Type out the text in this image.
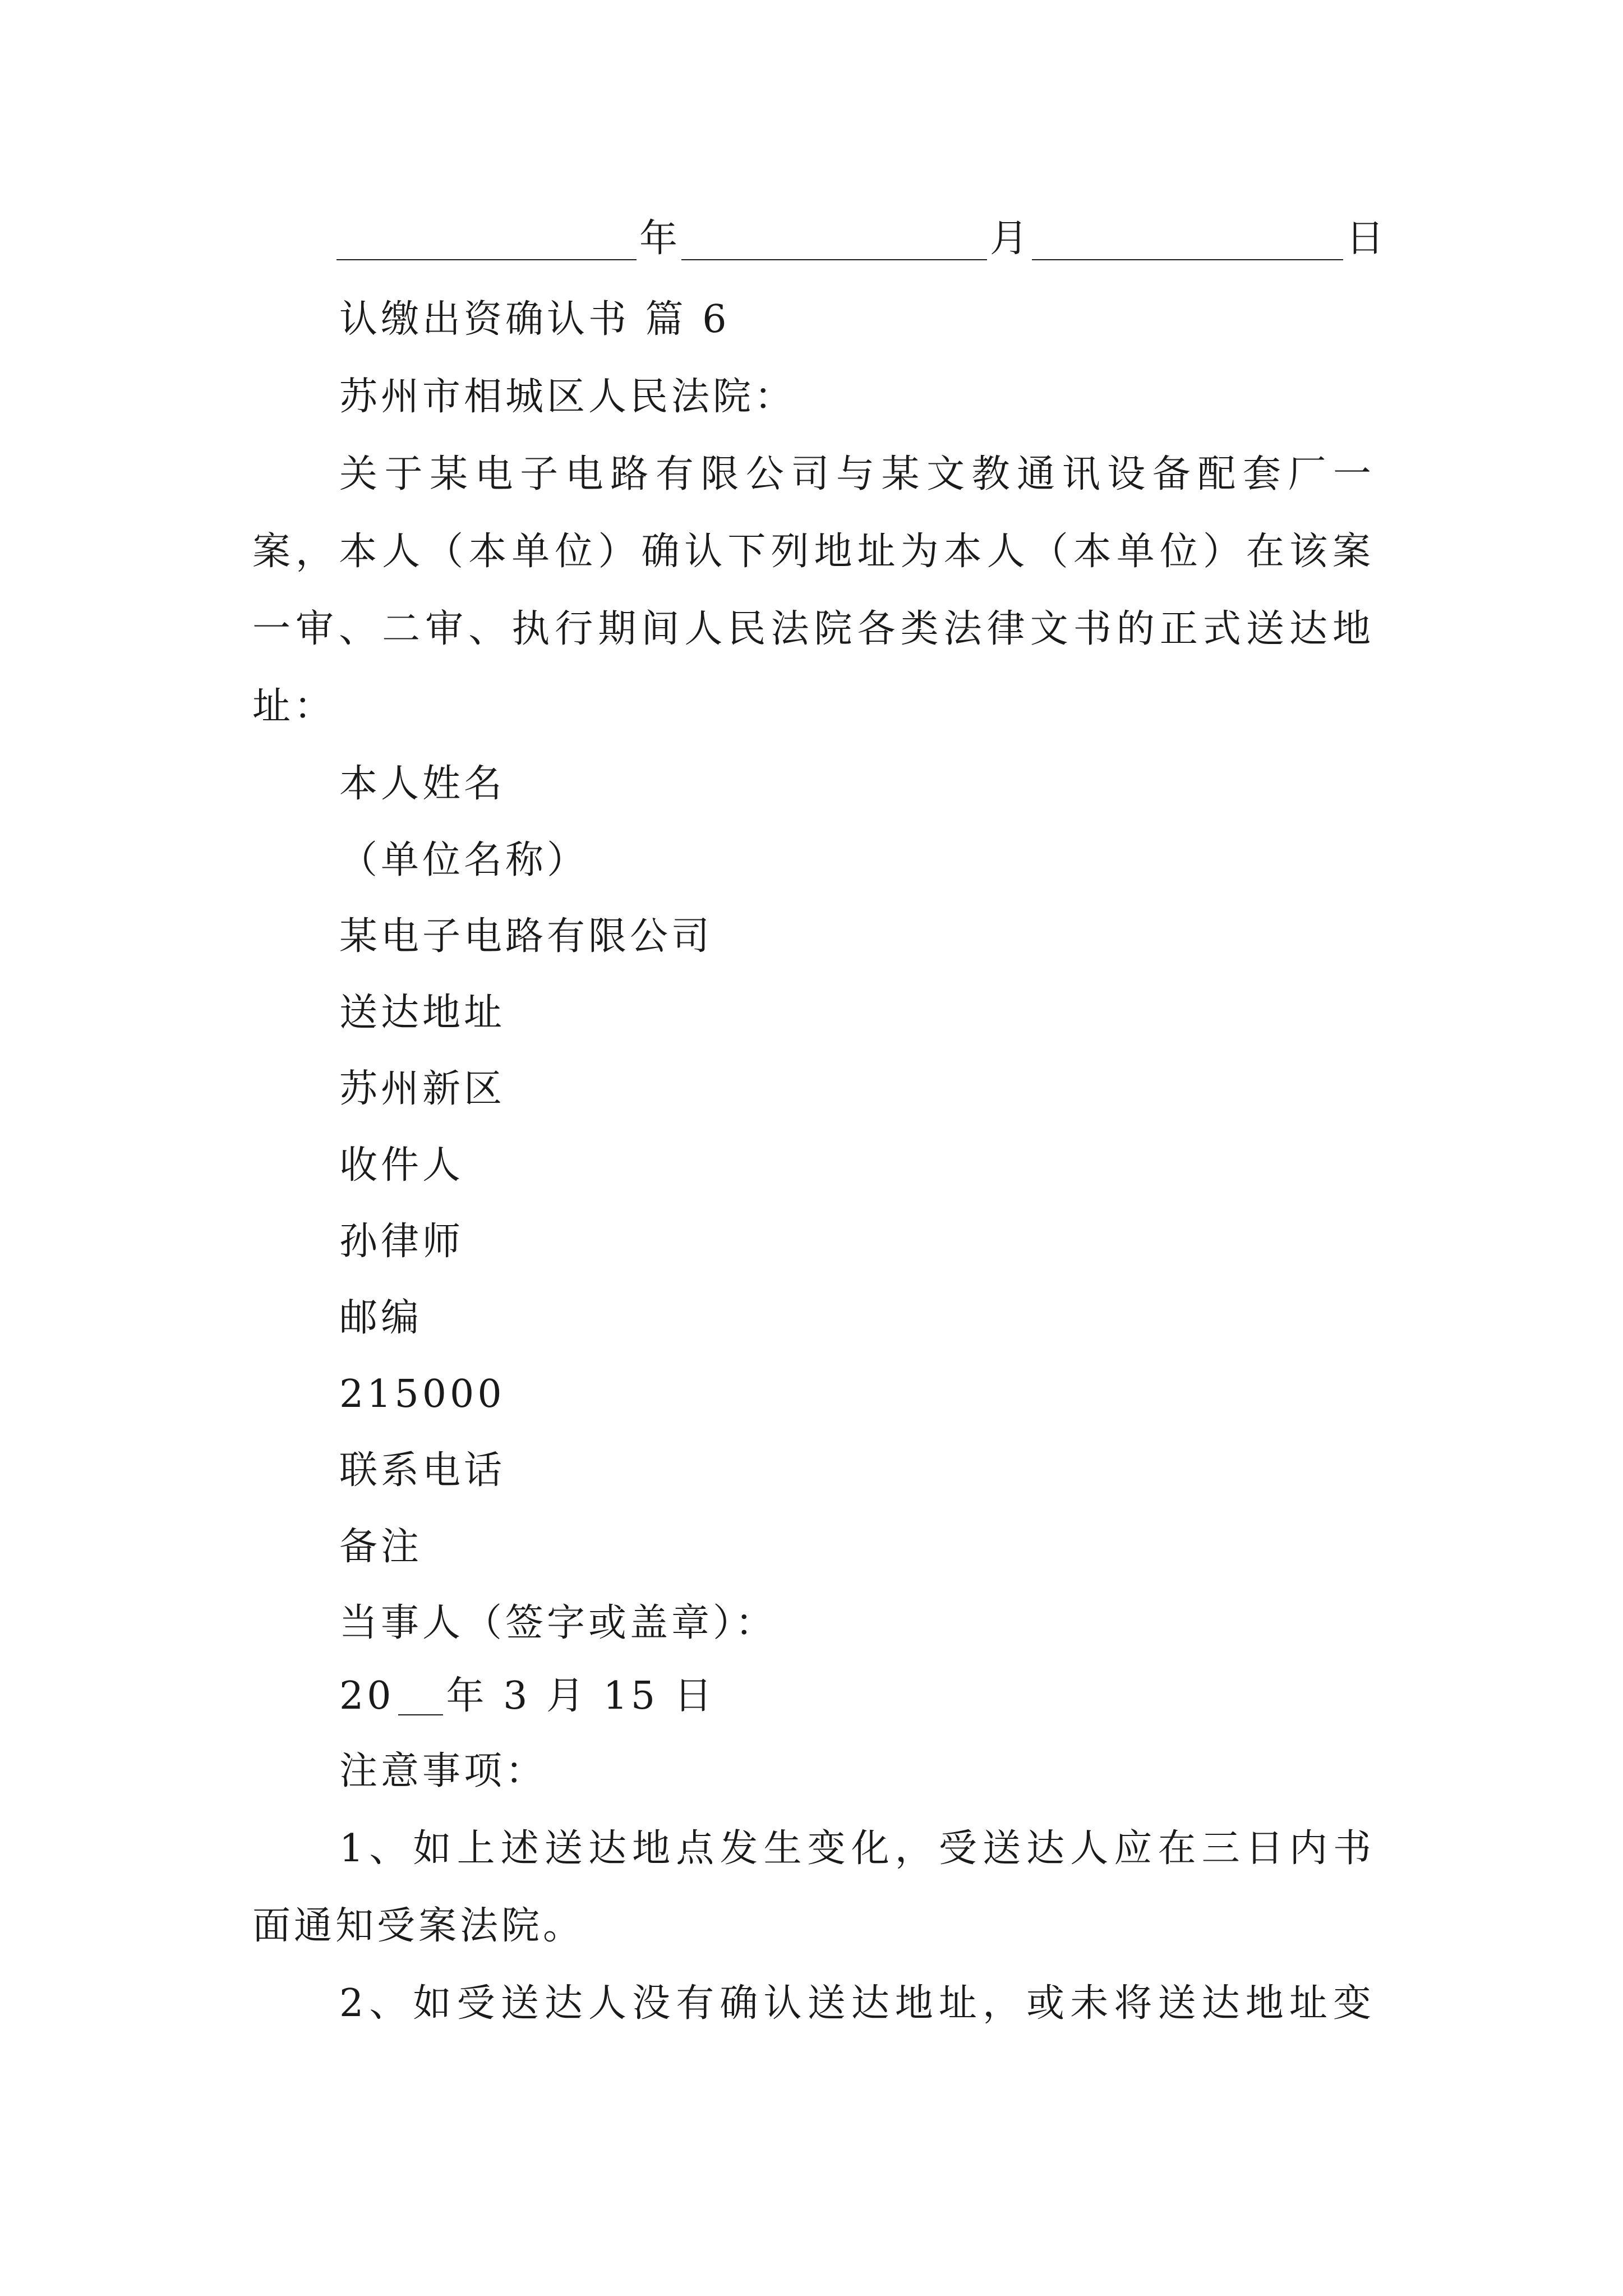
年	月	日
认缴出资确认书 篇 6
苏州市相城区人民法院：
关于某电子电路有限公司与某文教通讯设备配套厂一
案，本人（本单位）确认下列地址为本人（本单位）在该案
一审、二审、执行期间人民法院各类法律文书的正式送达地
址：
本人姓名
（单位名称）
某电子电路有限公司
送达地址
苏州新区
收件人
孙律师
邮编
215000
联系电话
备注
当事人（签字或盖章）：
20 年 3 月 15 日
注意事项：
1、如上述送达地点发生变化，受送达人应在三日内书
面通知受案法院。
2、如受送达人没有确认送达地址，或未将送达地址变
